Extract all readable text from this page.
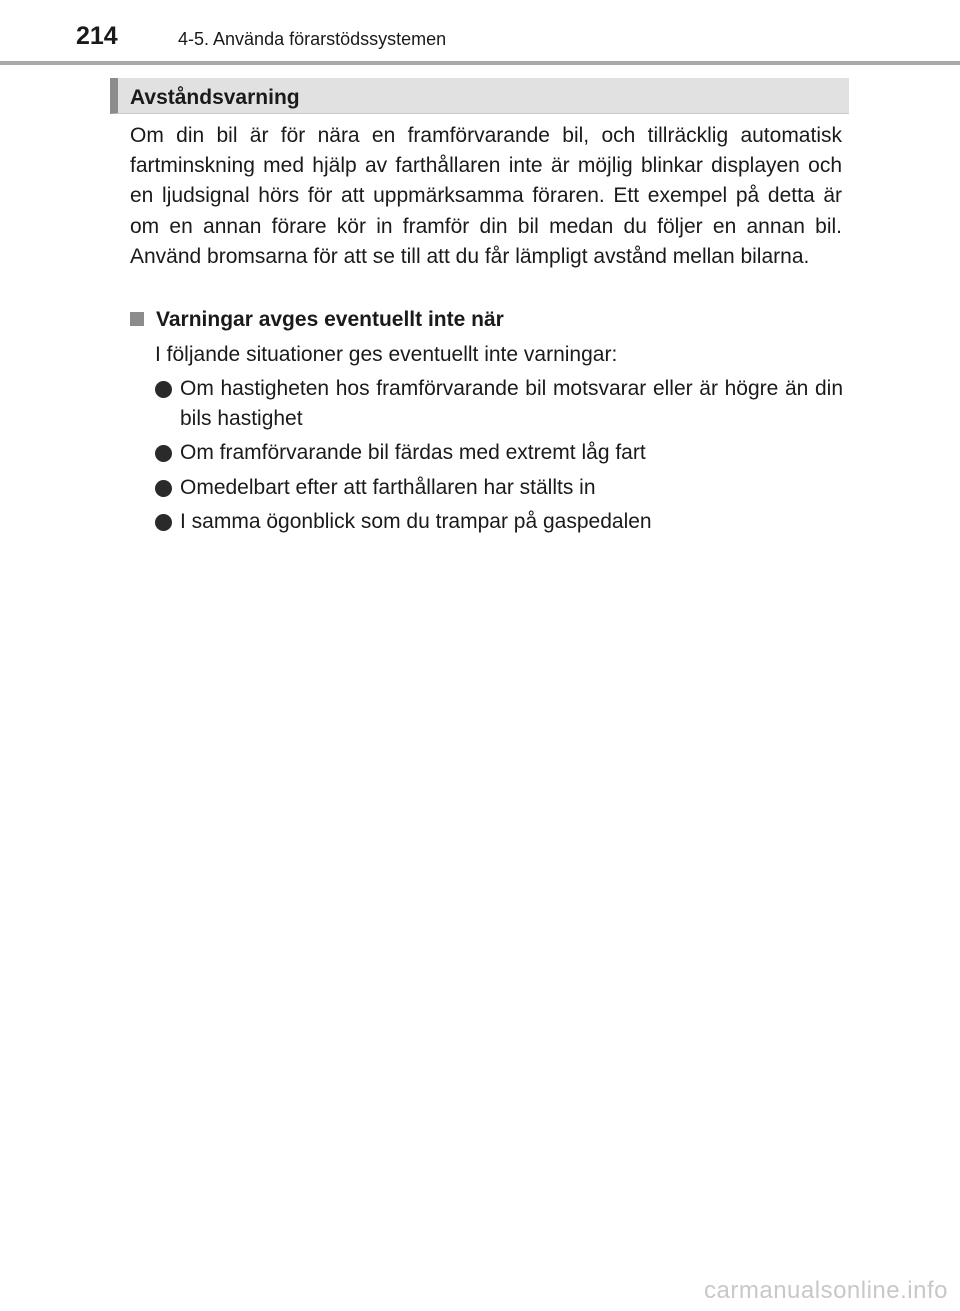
214	4-5. Använda förarstödssystemen
Avståndsvarning

Om din bil är för nära en framförvarande bil, och tillräcklig automatisk fartminskning med hjälp av farthållaren inte är möjlig blinkar displayen och en ljudsignal hörs för att uppmärksamma föraren. Ett exempel på detta är om en annan förare kör in framför din bil medan du följer en annan bil. Använd bromsarna för att se till att du får lämpligt avstånd mellan bilarna.

Varningar avges eventuellt inte när
I följande situationer ges eventuellt inte varningar:
Om hastigheten hos framförvarande bil motsvarar eller är högre än din bils hastighet
Om framförvarande bil färdas med extremt låg fart
Omedelbart efter att farthållaren har ställts in
I samma ögonblick som du trampar på gaspedalen
carmanualsonline.info
